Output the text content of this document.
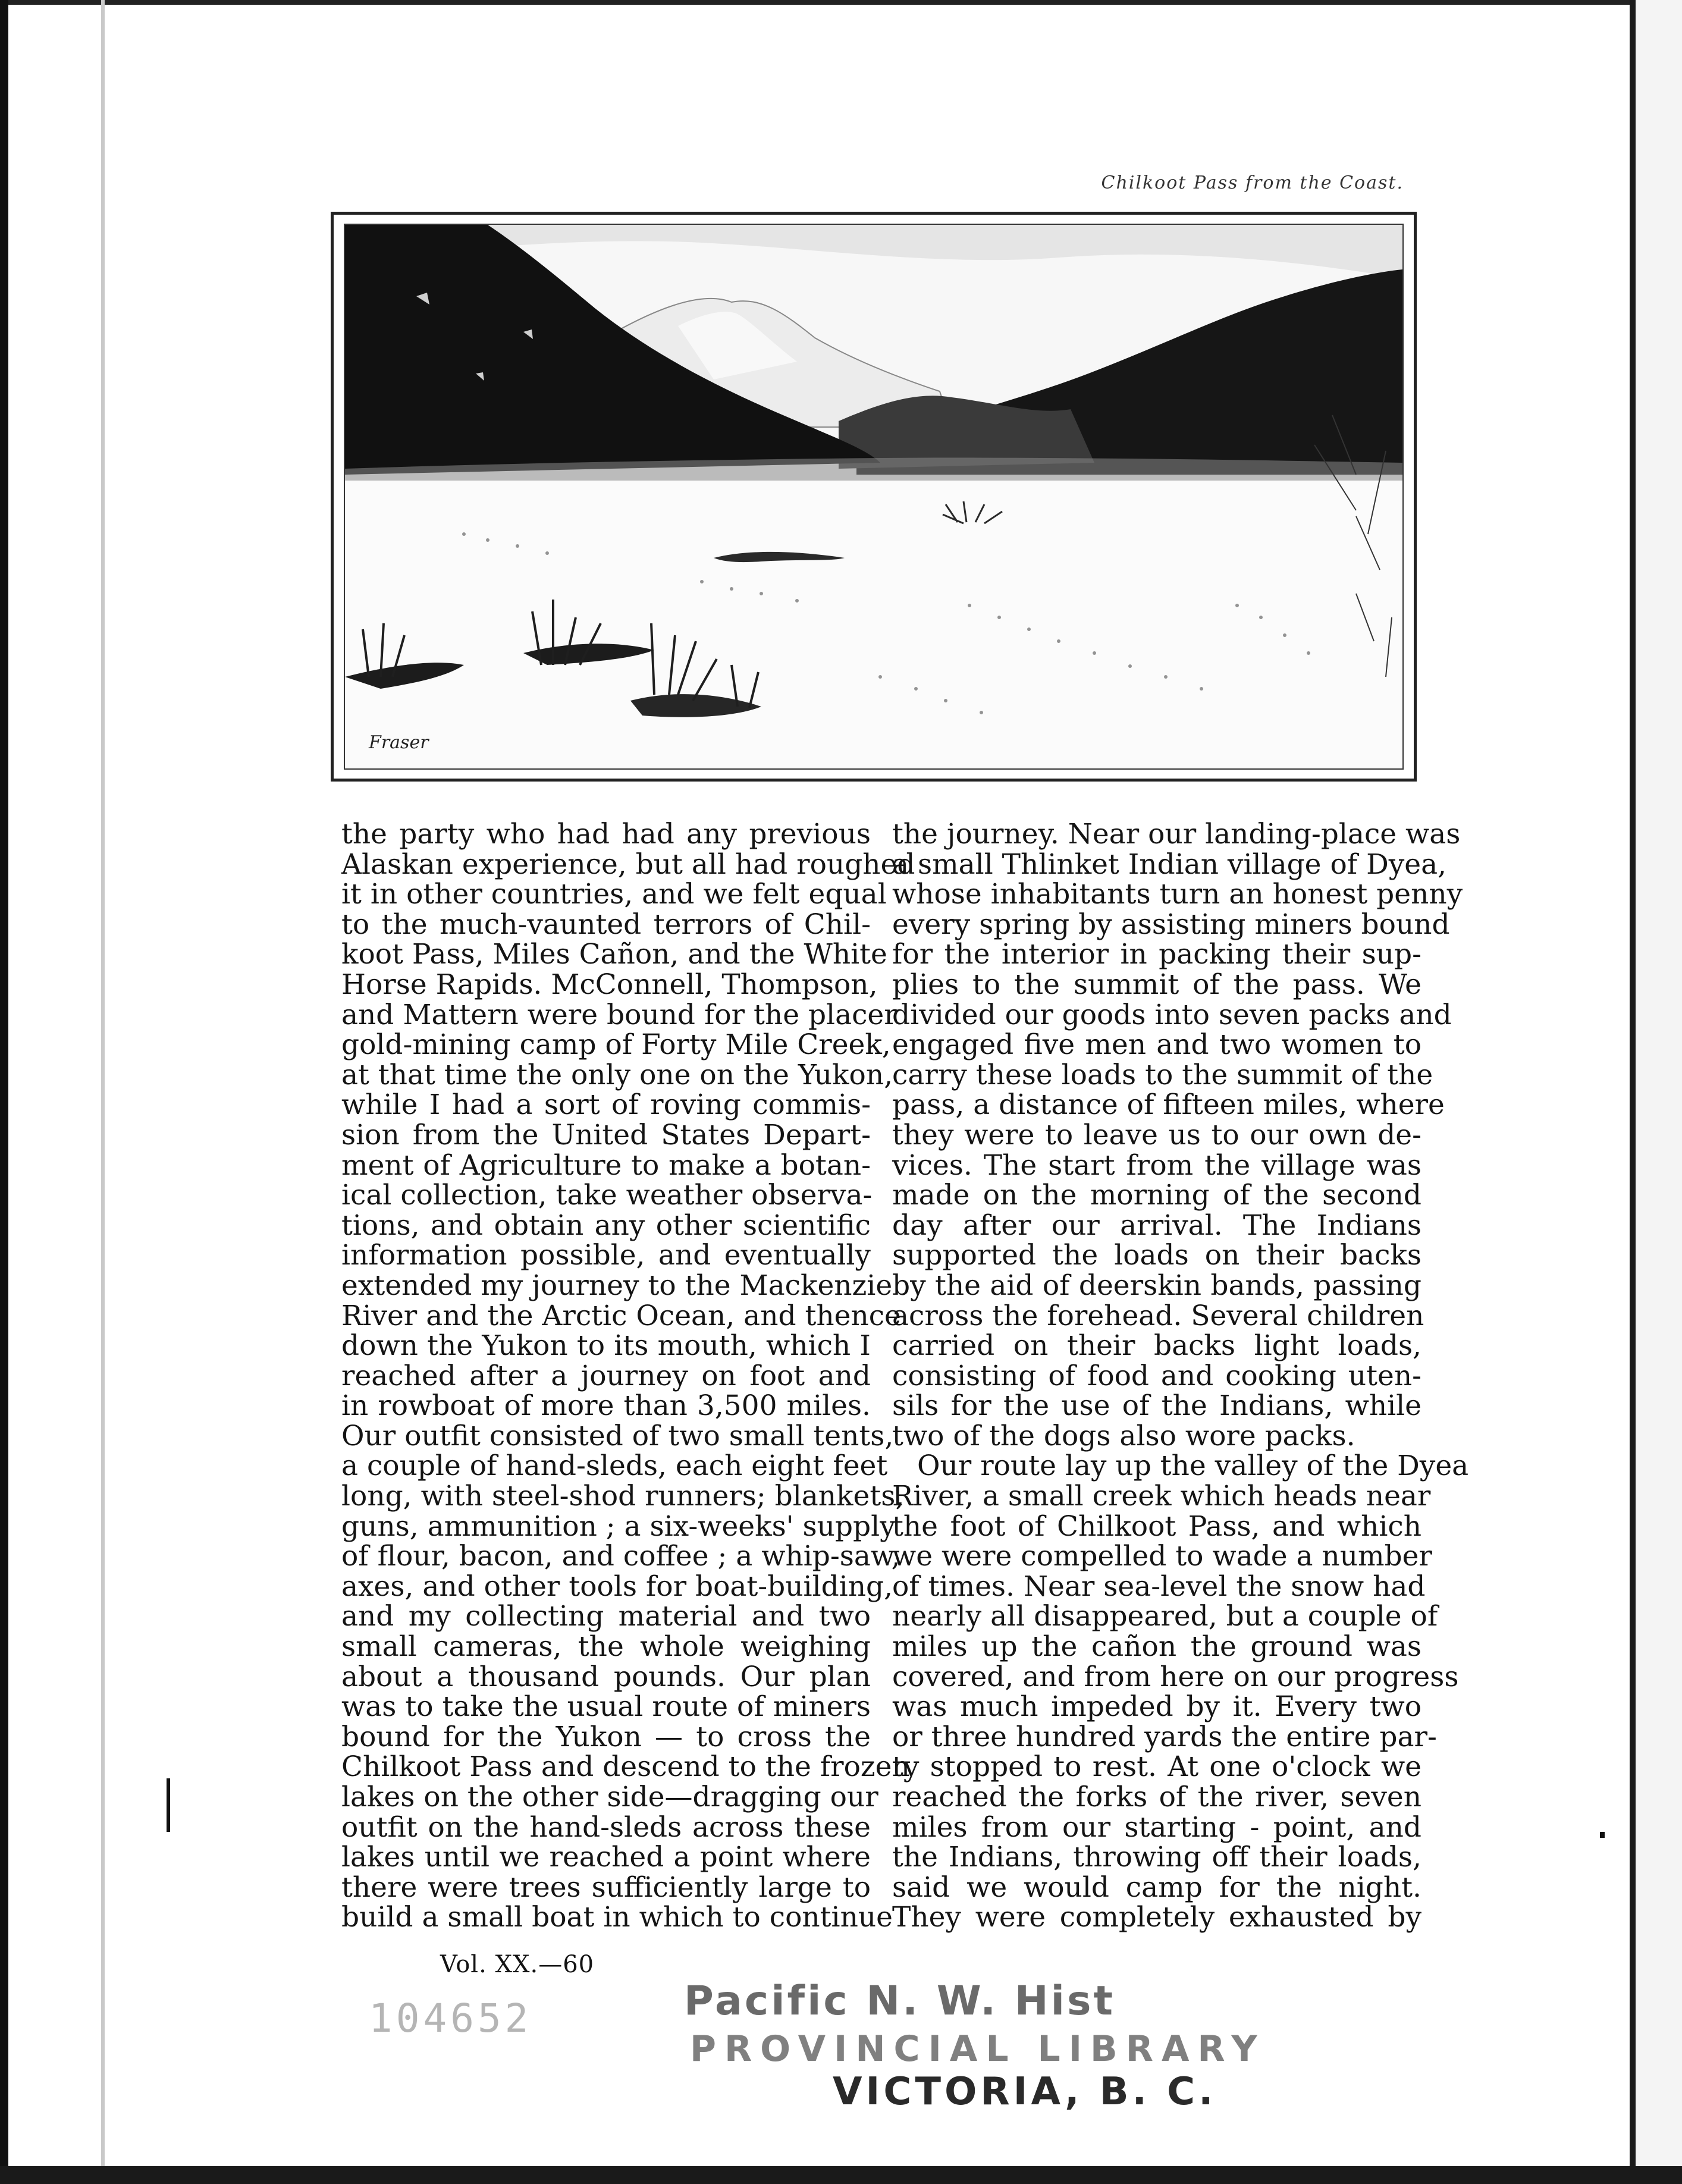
Chilkoot Pass from the Coast.
Fraser
the party who had had any previous
Alaskan experience, but all had roughed
it in other countries, and we felt equal
to the much-vaunted terrors of Chil-
koot Pass, Miles Cañon, and the White
Horse Rapids. McConnell, Thompson,
and Mattern were bound for the placer
gold-mining camp of Forty Mile Creek,
at that time the only one on the Yukon,
while I had a sort of roving commis-
sion from the United States Depart-
ment of Agriculture to make a botan-
ical collection, take weather observa-
tions, and obtain any other scientific
information possible, and eventually
extended my journey to the Mackenzie
River and the Arctic Ocean, and thence
down the Yukon to its mouth, which I
reached after a journey on foot and
in rowboat of more than 3,500 miles.
Our outfit consisted of two small tents,
a couple of hand-sleds, each eight feet
long, with steel-shod runners; blankets,
guns, ammunition ; a six-weeks' supply
of flour, bacon, and coffee ; a whip-saw,
axes, and other tools for boat-building,
and my collecting material and two
small cameras, the whole weighing
about a thousand pounds. Our plan
was to take the usual route of miners
bound for the Yukon — to cross the
Chilkoot Pass and descend to the frozen
lakes on the other side—dragging our
outfit on the hand-sleds across these
lakes until we reached a point where
there were trees sufficiently large to
build a small boat in which to continue
the journey. Near our landing-place was
a small Thlinket Indian village of Dyea,
whose inhabitants turn an honest penny
every spring by assisting miners bound
for the interior in packing their sup-
plies to the summit of the pass. We
divided our goods into seven packs and
engaged five men and two women to
carry these loads to the summit of the
pass, a distance of fifteen miles, where
they were to leave us to our own de-
vices. The start from the village was
made on the morning of the second
day after our arrival. The Indians
supported the loads on their backs
by the aid of deerskin bands, passing
across the forehead. Several children
carried on their backs light loads,
consisting of food and cooking uten-
sils for the use of the Indians, while
two of the dogs also wore packs.
Our route lay up the valley of the Dyea
River, a small creek which heads near
the foot of Chilkoot Pass, and which
we were compelled to wade a number
of times. Near sea-level the snow had
nearly all disappeared, but a couple of
miles up the cañon the ground was
covered, and from here on our progress
was much impeded by it. Every two
or three hundred yards the entire par-
ty stopped to rest. At one o'clock we
reached the forks of the river, seven
miles from our starting - point, and
the Indians, throwing off their loads,
said we would camp for the night.
They were completely exhausted by
Vol. XX.—60
104652	Pacific N. W. Hist
PROVINCIAL LIBRARY
VICTORIA, B. C.
